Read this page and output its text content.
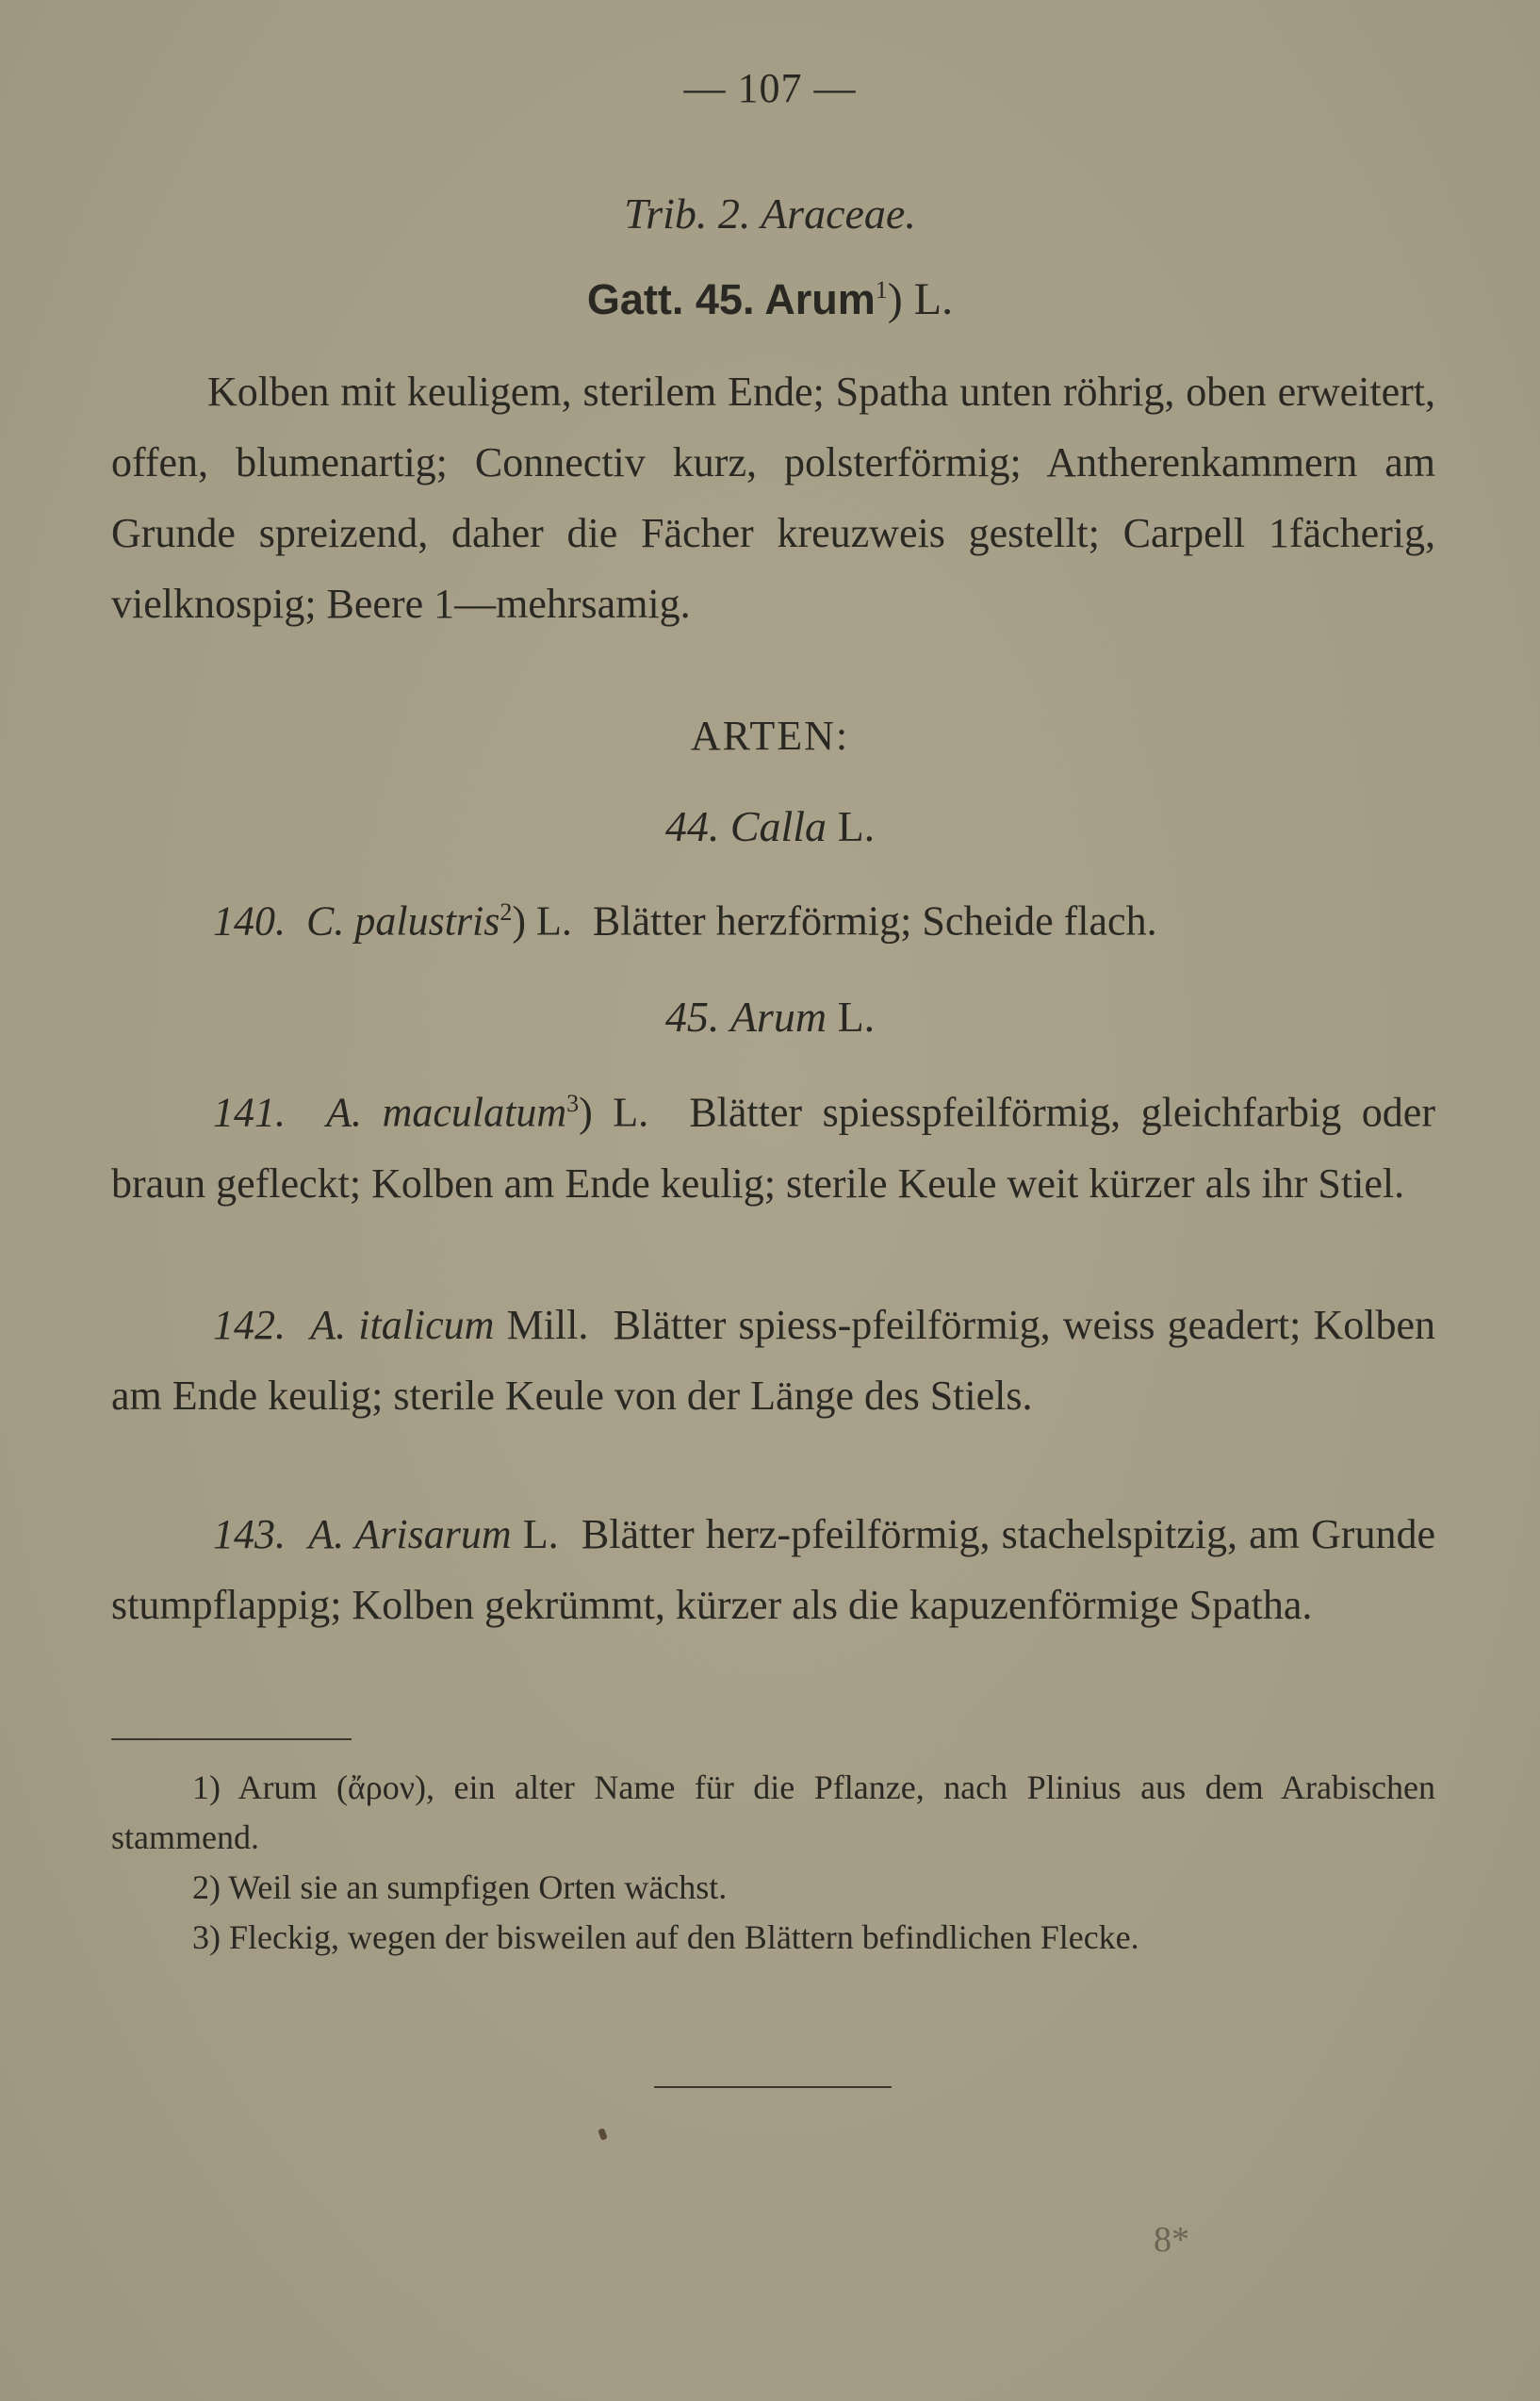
— 107 —
Trib. 2. Araceae.
Gatt. 45. Arum$^1$) L.
Kolben mit keuligem, sterilem Ende; Spatha unten röhrig, oben erweitert, offen, blumenartig; Connectiv kurz, polsterförmig; Antherenkammern am Grunde spreizend, daher die Fächer kreuzweis gestellt; Carpell 1fächerig, vielknospig; Beere 1—mehrsamig.
ARTEN:
44. Calla L.
140. C. palustris$^2$) L. Blätter herzförmig; Scheide flach.
45. Arum L.
141. A. maculatum$^3$) L. Blätter spiesspfeilförmig, gleichfarbig oder braun gefleckt; Kolben am Ende keulig; sterile Keule weit kürzer als ihr Stiel.
142. A. italicum Mill. Blätter spiess-pfeilförmig, weiss geadert; Kolben am Ende keulig; sterile Keule von der Länge des Stiels.
143. A. Arisarum L. Blätter herz-pfeilförmig, stachelspitzig, am Grunde stumpflappig; Kolben gekrümmt, kürzer als die kapuzenförmige Spatha.
1) Arum (ἄρον), ein alter Name für die Pflanze, nach Plinius aus dem Arabischen stammend.
2) Weil sie an sumpfigen Orten wächst.
3) Fleckig, wegen der bisweilen auf den Blättern befindlichen Flecke.
8*
